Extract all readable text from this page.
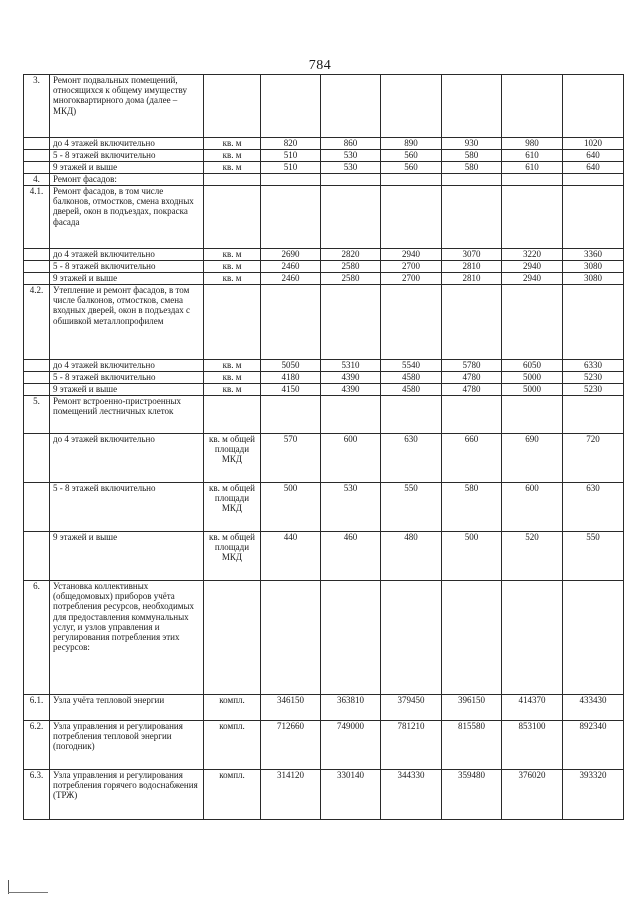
784
3.	Ремонт подвальных помещений, относящихся к общему имуществу многоквартирного дома (далее – МКД)							
	до 4 этажей включительно	кв. м	820	860	890	930	980	1020
	5 - 8 этажей включительно	кв. м	510	530	560	580	610	640
	9 этажей и выше	кв. м	510	530	560	580	610	640
4.	Ремонт фасадов:							
4.1.	Ремонт фасадов, в том числе балконов, отмостков, смена входных дверей, окон в подъездах, покраска фасада							
	до 4 этажей включительно	кв. м	2690	2820	2940	3070	3220	3360
	5 - 8 этажей включительно	кв. м	2460	2580	2700	2810	2940	3080
	9 этажей и выше	кв. м	2460	2580	2700	2810	2940	3080
4.2.	Утепление и ремонт фасадов, в том числе балконов, отмостков, смена входных дверей, окон в подъездах с обшивкой металлопрофилем							
	до 4 этажей включительно	кв. м	5050	5310	5540	5780	6050	6330
	5 - 8 этажей включительно	кв. м	4180	4390	4580	4780	5000	5230
	9 этажей и выше	кв. м	4150	4390	4580	4780	5000	5230
5.	Ремонт встроенно-пристроенных помещений лестничных клеток							
	до 4 этажей включительно	кв. м общей площади МКД	570	600	630	660	690	720
	5 - 8 этажей включительно	кв. м общей площади МКД	500	530	550	580	600	630
	9 этажей и выше	кв. м общей площади МКД	440	460	480	500	520	550
6.	Установка коллективных (общедомовых) приборов учёта потребления ресурсов, необходимых для предоставления коммунальных услуг, и узлов управления и регулирования потребления этих ресурсов:							
6.1.	Узла учёта тепловой энергии	компл.	346150	363810	379450	396150	414370	433430
6.2.	Узла управления и регулирования потребления тепловой энергии (погодник)	компл.	712660	749000	781210	815580	853100	892340
6.3.	Узла управления и регулирования потребления горячего водоснабжения (ТРЖ)	компл.	314120	330140	344330	359480	376020	393320
